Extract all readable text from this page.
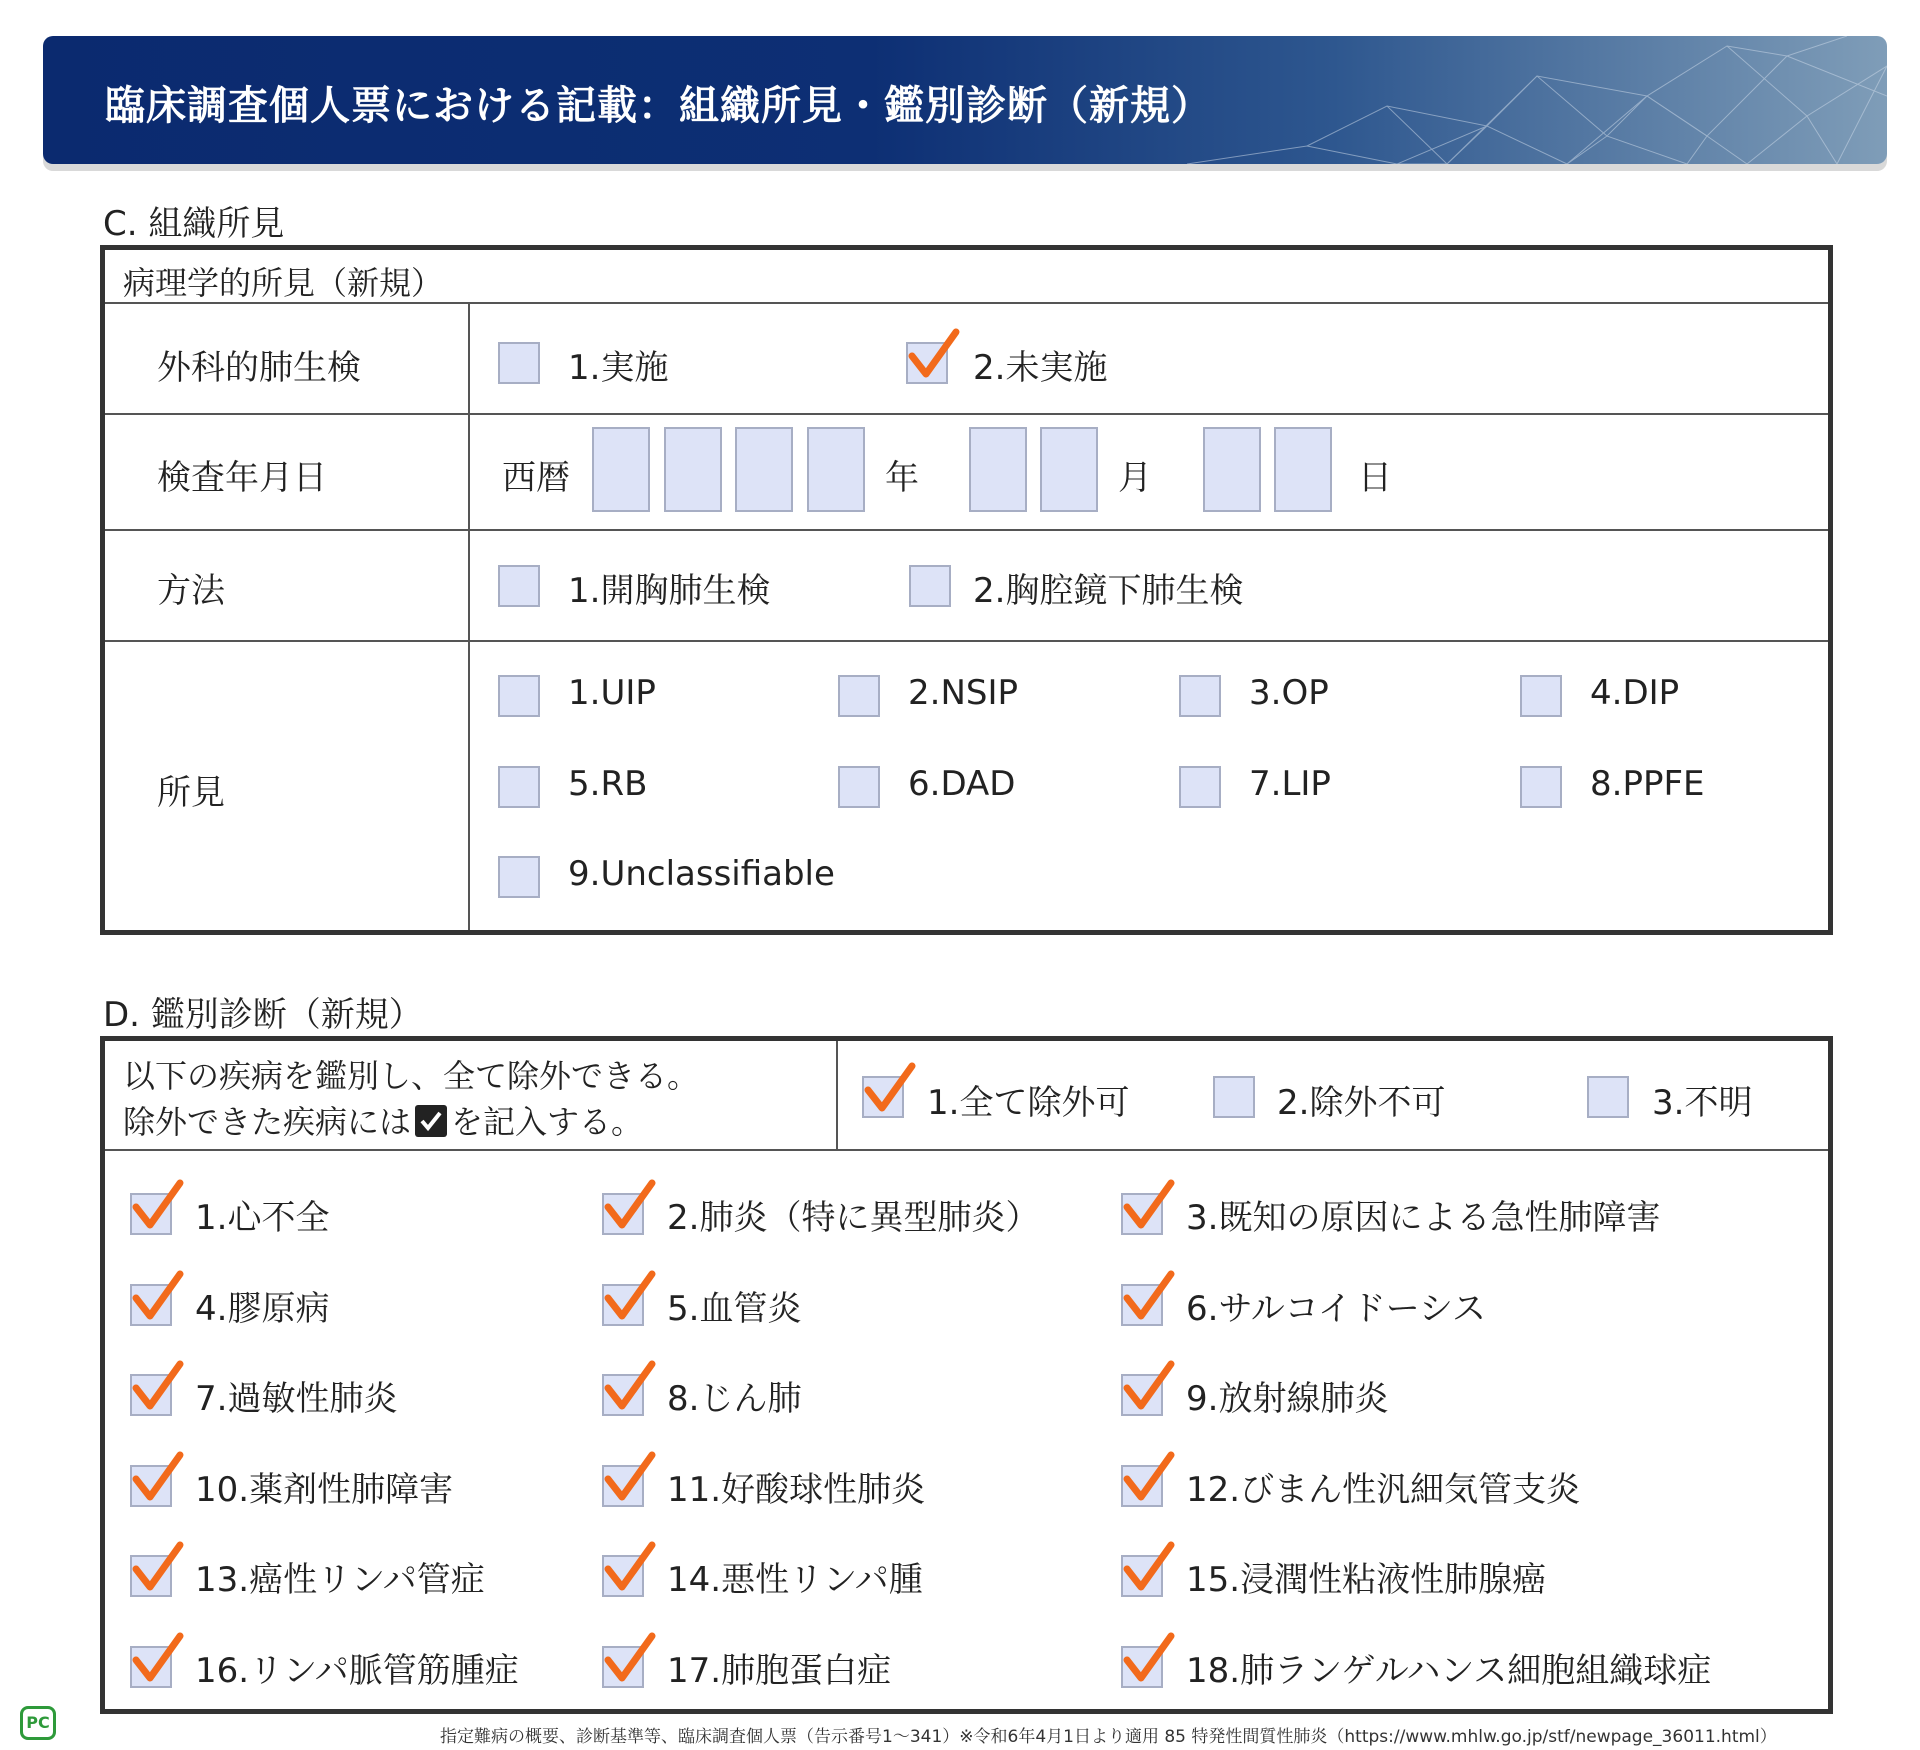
臨床調査個人票における記載：組織所見・鑑別診断（新規）
C. 組織所見
病理学的所見（新規）
外科的肺生検	1.実施	2.未実施
検査年月日	西暦	年	月	日
方法	1.開胸肺生検	2.胸腔鏡下肺生検
所見
1.UIP	2.NSIP	3.OP	4.DIP
5.RB	6.DAD	7.LIP	8.PPFE
9.Unclassifiable
D. 鑑別診断（新規）
以下の疾病を鑑別し、全て除外できる。
除外できた疾病には を記入する。	1.全て除外可	2.除外不可	3.不明
1.心不全	2.肺炎（特に異型肺炎）	3.既知の原因による急性肺障害
4.膠原病	5.血管炎	6.サルコイドーシス
7.過敏性肺炎	8.じん肺	9.放射線肺炎
10.薬剤性肺障害	11.好酸球性肺炎	12.びまん性汎細気管支炎
13.癌性リンパ管症	14.悪性リンパ腫	15.浸潤性粘液性肺腺癌
16.リンパ脈管筋腫症	17.肺胞蛋白症	18.肺ランゲルハンス細胞組織球症
PC
指定難病の概要、診断基準等、臨床調査個人票（告示番号1～341）※令和6年4月1日より適用 85 特発性間質性肺炎（https://www.mhlw.go.jp/stf/newpage_36011.html）
